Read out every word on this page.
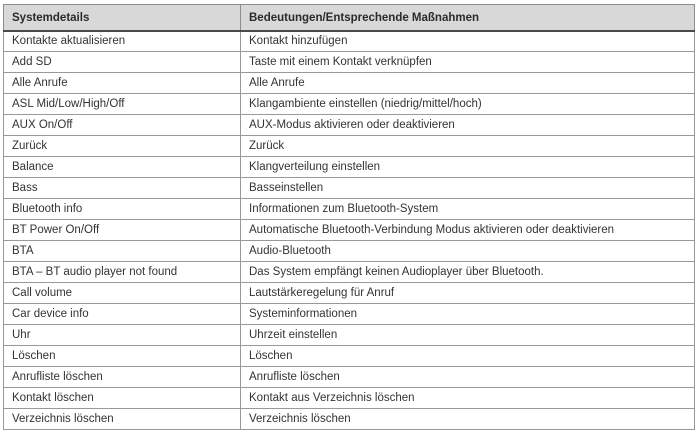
Systemdetails	Bedeutungen/Entsprechende Maßnahmen
Kontakte aktualisieren	Kontakt hinzufügen
Add SD	Taste mit einem Kontakt verknüpfen
Alle Anrufe	Alle Anrufe
ASL Mid/Low/High/Off	Klangambiente einstellen (niedrig/mittel/hoch)
AUX On/Off	AUX-Modus aktivieren oder deaktivieren
Zurück	Zurück
Balance	Klangverteilung einstellen
Bass	Basseinstellen
Bluetooth info	Informationen zum Bluetooth-System
BT Power On/Off	Automatische Bluetooth-Verbindung Modus aktivieren oder deaktivieren
BTA	Audio-Bluetooth
BTA – BT audio player not found	Das System empfängt keinen Audioplayer über Bluetooth.
Call volume	Lautstärkeregelung für Anruf
Car device info	Systeminformationen
Uhr	Uhrzeit einstellen
Löschen	Löschen
Anrufliste löschen	Anrufliste löschen
Kontakt löschen	Kontakt aus Verzeichnis löschen
Verzeichnis löschen	Verzeichnis löschen
